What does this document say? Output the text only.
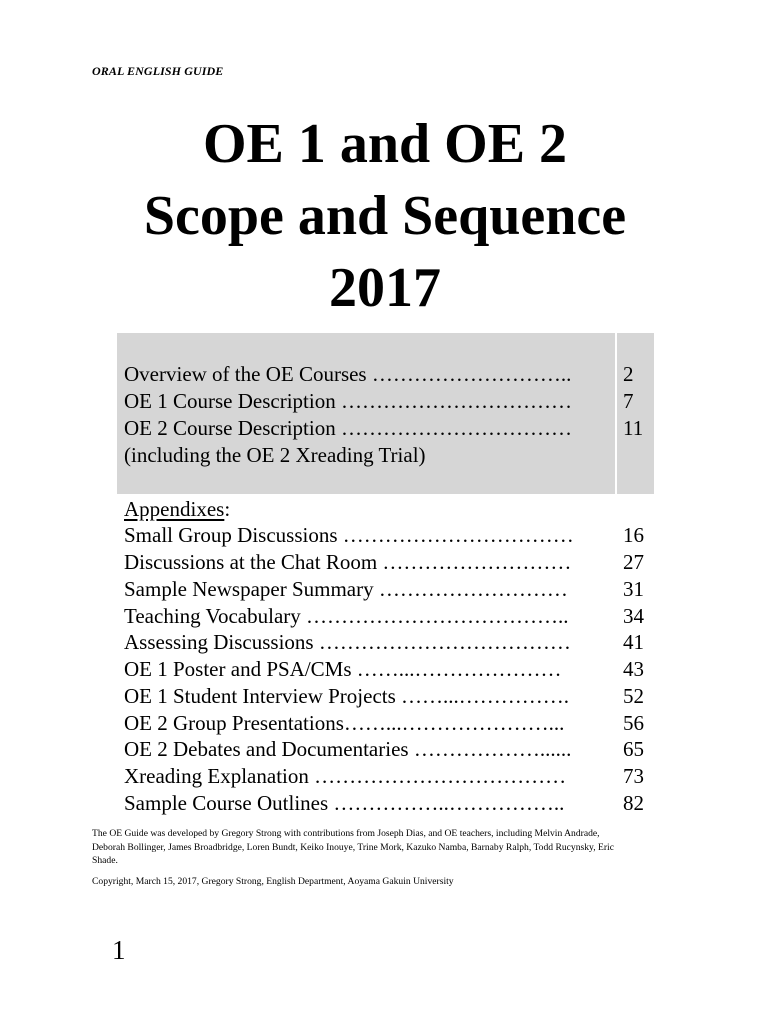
ORAL ENGLISH GUIDE
OE 1 and OE 2
Scope and Sequence
2017
Overview of the OE Courses ……………………….. 2
OE 1 Course Description …………………………… 7
OE 2 Course Description …………………………… 11
(including the OE 2 Xreading Trial)
Appendixes:
Small Group Discussions …………………………… 16
Discussions at the Chat Room ……………………… 27
Sample Newspaper Summary ………………………	31
Teaching Vocabulary ………………………………..	34
Assessing Discussions ……………………………… 41
OE 1 Poster and PSA/CMs ……...…………………	43
OE 1 Student Interview Projects ……...…………….	52
OE 2 Group Presentations……...…………………...	56
OE 2 Debates and Documentaries ………………...... 65
Xreading Explanation ………………………………	73
Sample Course Outlines ……………..……………..	82
The OE Guide was developed by Gregory Strong with contributions from Joseph Dias, and OE teachers, including Melvin Andrade, Deborah Bollinger, James Broadbridge, Loren Bundt, Keiko Inouye, Trine Mork, Kazuko Namba, Barnaby Ralph, Todd Rucynsky, Eric Shade.
Copyright, March 15, 2017, Gregory Strong, English Department, Aoyama Gakuin University
1
